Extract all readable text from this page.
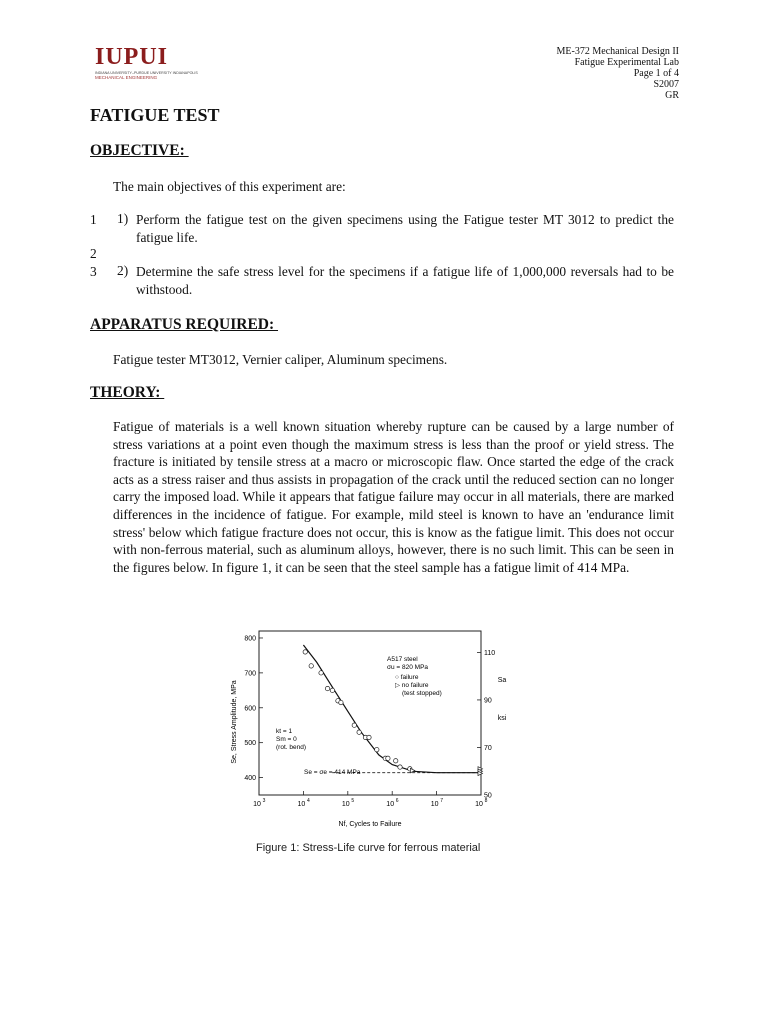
IUPUI
INDIANA UNIVERSITY–PURDUE UNIVERSITY INDIANAPOLIS
MECHANICAL ENGINEERING
ME-372 Mechanical Design II
Fatigue Experimental Lab
Page 1 of 4
S2007
GR
FATIGUE TEST
OBJECTIVE:
The main objectives of this experiment are:
1
2
3
1) Perform the fatigue test on the given specimens using the Fatigue tester MT 3012 to predict the fatigue life.
2) Determine the safe stress level for the specimens if a fatigue life of 1,000,000 reversals had to be withstood.
APPARATUS REQUIRED:
Fatigue tester MT3012, Vernier caliper, Aluminum specimens.
THEORY:
Fatigue of materials is a well known situation whereby rupture can be caused by a large number of stress variations at a point even though the maximum stress is less than the proof or yield stress. The fracture is initiated by tensile stress at a macro or microscopic flaw. Once started the edge of the crack acts as a stress raiser and thus assists in propagation of the crack until the reduced section can no longer carry the imposed load. While it appears that fatigue failure may occur in all materials, there are marked differences in the incidence of fatigue. For example, mild steel is known to have an 'endurance limit stress' below which fatigue fracture does not occur, this is know as the fatigue limit. This does not occur with non-ferrous material, such as aluminum alloys, however, there is no such limit. This can be seen in the figures below. In figure 1, it can be seen that the steel sample has a fatigue limit of 414 MPa.
800
700
600
500
400
110
90
70
50
10 3	10 4	10 5	10 6	10 7	10 8
Se, Stress Amplitude, MPa
Nf, Cycles to Failure
Sa
ksi
A517 steel
σu = 820 MPa
○ failure
▷ no failure
(test stopped)
kt = 1
Sm = 0
(rot. bend)
Se = σe = 414 MPa
Figure 1: Stress-Life curve for ferrous material
